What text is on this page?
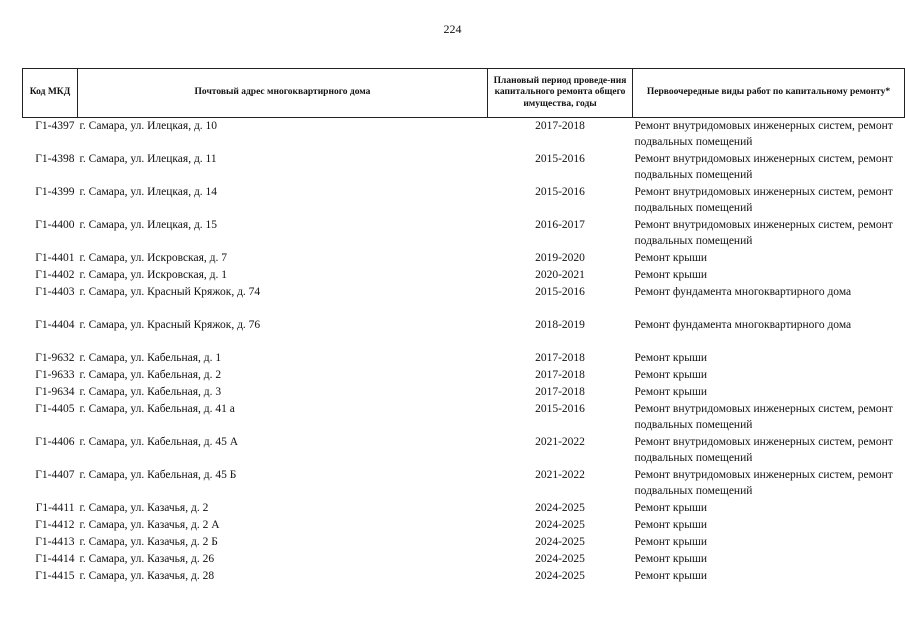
224
Код МКД	Почтовый адрес многоквартирного дома	Плановый период проведе-ния капитального ремонта общего имущества, годы	Первоочередные виды работ по капитальному ремонту*
Г1-4397	г. Самара, ул. Илецкая, д. 10	2017-2018	Ремонт внутридомовых инженерных систем, ремонт подвальных помещений
Г1-4398	г. Самара, ул. Илецкая, д. 11	2015-2016	Ремонт внутридомовых инженерных систем, ремонт подвальных помещений
Г1-4399	г. Самара, ул. Илецкая, д. 14	2015-2016	Ремонт внутридомовых инженерных систем, ремонт подвальных помещений
Г1-4400	г. Самара, ул. Илецкая, д. 15	2016-2017	Ремонт внутридомовых инженерных систем, ремонт подвальных помещений
Г1-4401	г. Самара, ул. Искровская, д. 7	2019-2020	Ремонт крыши
Г1-4402	г. Самара, ул. Искровская, д. 1	2020-2021	Ремонт крыши
Г1-4403	г. Самара, ул. Красный Кряжок, д. 74	2015-2016	Ремонт фундамента многоквартирного дома
Г1-4404	г. Самара, ул. Красный Кряжок, д. 76	2018-2019	Ремонт фундамента многоквартирного дома
Г1-9632	г. Самара, ул. Кабельная, д. 1	2017-2018	Ремонт крыши
Г1-9633	г. Самара, ул. Кабельная, д. 2	2017-2018	Ремонт крыши
Г1-9634	г. Самара, ул. Кабельная, д. 3	2017-2018	Ремонт крыши
Г1-4405	г. Самара, ул. Кабельная, д. 41 а	2015-2016	Ремонт внутридомовых инженерных систем, ремонт подвальных помещений
Г1-4406	г. Самара, ул. Кабельная, д. 45 А	2021-2022	Ремонт внутридомовых инженерных систем, ремонт подвальных помещений
Г1-4407	г. Самара, ул. Кабельная, д. 45 Б	2021-2022	Ремонт внутридомовых инженерных систем, ремонт подвальных помещений
Г1-4411	г. Самара, ул. Казачья, д. 2	2024-2025	Ремонт крыши
Г1-4412	г. Самара, ул. Казачья, д. 2 А	2024-2025	Ремонт крыши
Г1-4413	г. Самара, ул. Казачья, д. 2 Б	2024-2025	Ремонт крыши
Г1-4414	г. Самара, ул. Казачья, д. 26	2024-2025	Ремонт крыши
Г1-4415	г. Самара, ул. Казачья, д. 28	2024-2025	Ремонт крыши
